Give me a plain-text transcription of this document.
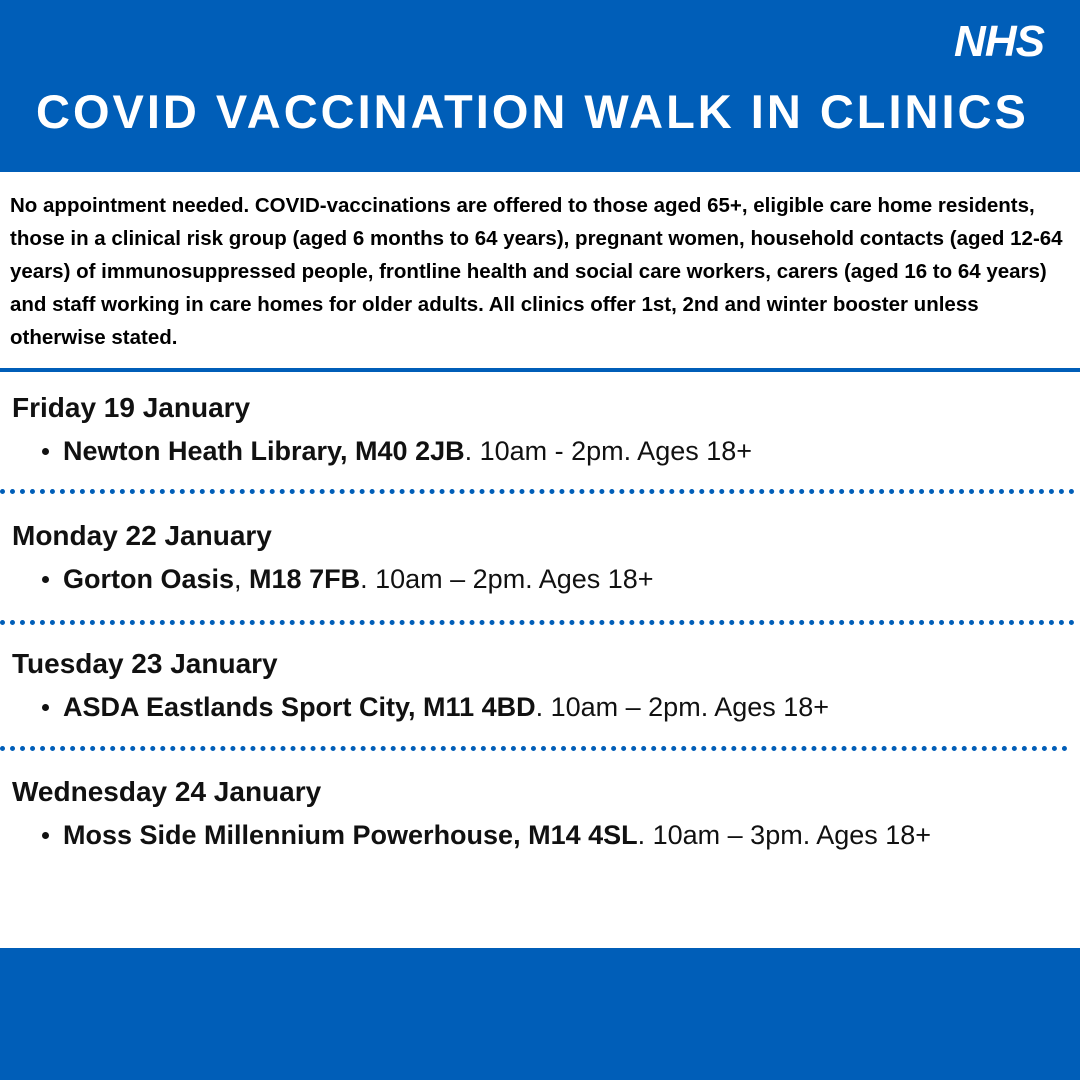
NHS
COVID VACCINATION WALK IN CLINICS

No appointment needed. COVID-vaccinations are offered to those aged 65+, eligible care home residents, those in a clinical risk group (aged 6 months to 64 years), pregnant women, household contacts (aged 12-64 years) of immunosuppressed people, frontline health and social care workers, carers (aged 16 to 64 years) and staff working in care homes for older adults. All clinics offer 1st, 2nd and winter booster unless otherwise stated.

Friday 19 January
Newton Heath Library, M40 2JB. 10am - 2pm. Ages 18+
Monday 22 January
Gorton Oasis, M18 7FB. 10am – 2pm. Ages 18+
Tuesday 23 January
ASDA Eastlands Sport City, M11 4BD. 10am – 2pm. Ages 18+
Wednesday 24 January
Moss Side Millennium Powerhouse, M14 4SL. 10am – 3pm. Ages 18+
